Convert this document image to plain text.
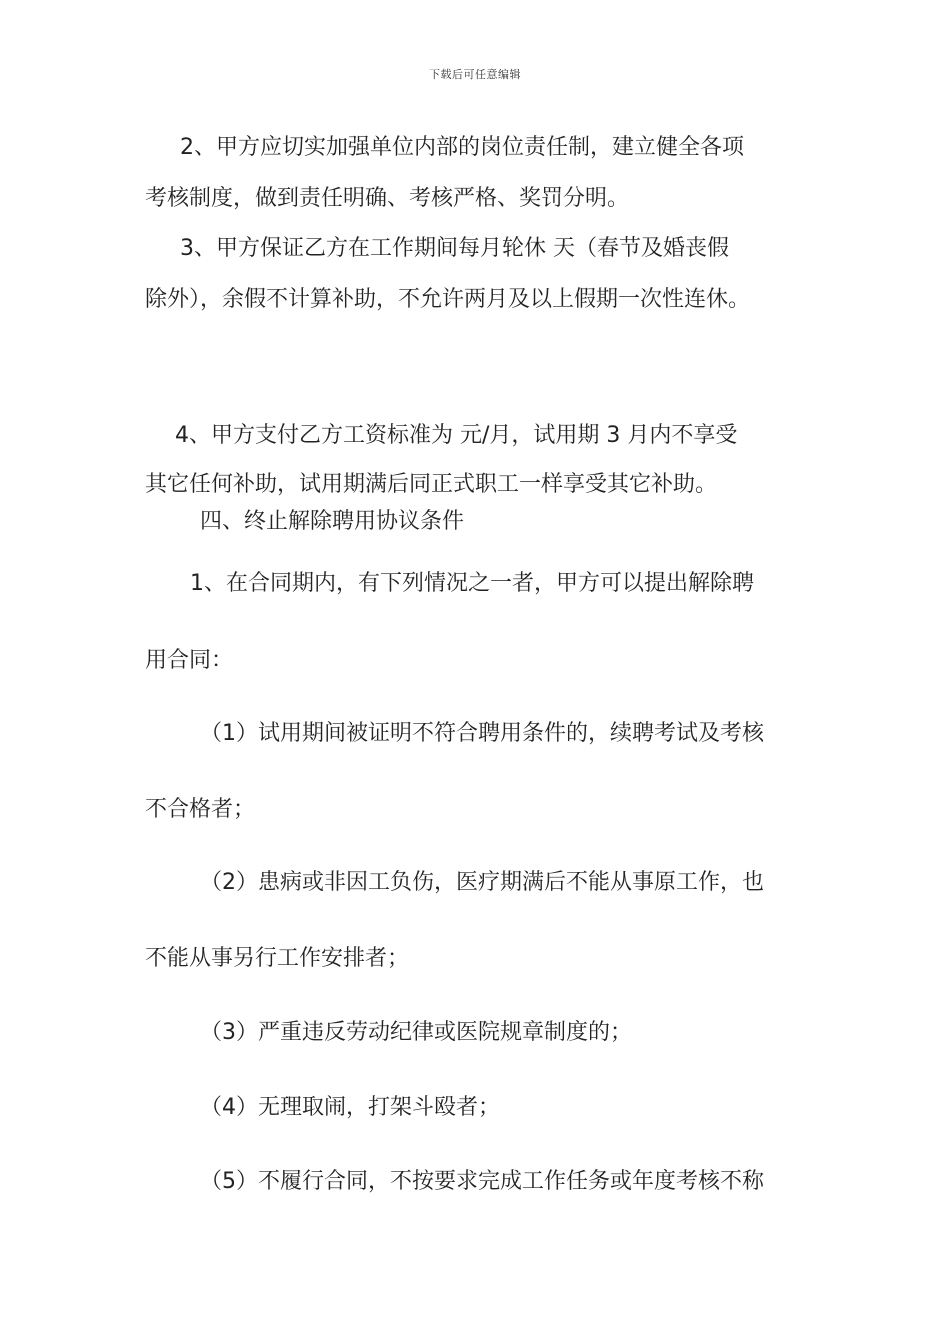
下载后可任意编辑
2、甲方应切实加强单位内部的岗位责任制，建立健全各项
考核制度，做到责任明确、考核严格、奖罚分明。
3、甲方保证乙方在工作期间每月轮休 天（春节及婚丧假
除外），余假不计算补助，不允许两月及以上假期一次性连休。
4、甲方支付乙方工资标准为 元/月，试用期 3 月内不享受
其它任何补助，试用期满后同正式职工一样享受其它补助。
四、终止解除聘用协议条件
1、在合同期内，有下列情况之一者，甲方可以提出解除聘
用合同：
（1）试用期间被证明不符合聘用条件的，续聘考试及考核
不合格者；
（2）患病或非因工负伤，医疗期满后不能从事原工作，也
不能从事另行工作安排者；
（3）严重违反劳动纪律或医院规章制度的；
（4）无理取闹，打架斗殴者；
（5）不履行合同，不按要求完成工作任务或年度考核不称
